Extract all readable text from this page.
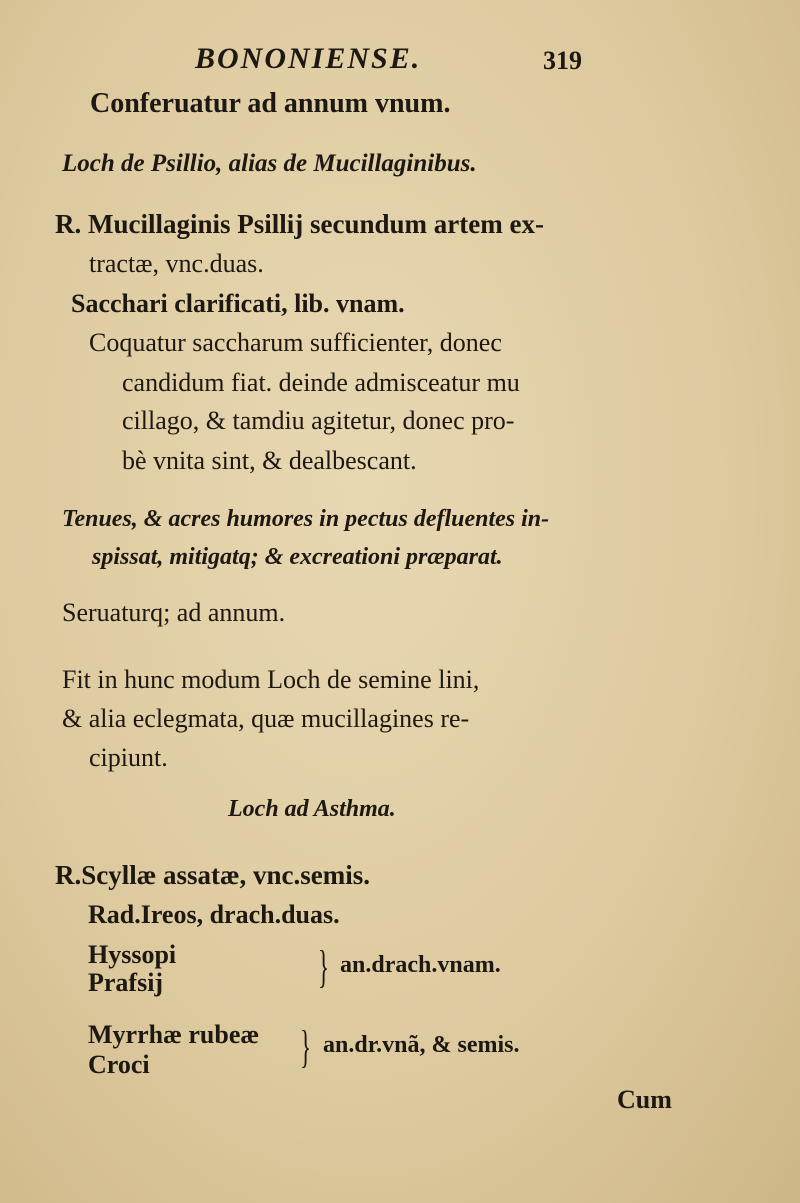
BONONIENSE.	319
Conferuatur ad annum vnum.
Loch de Psillio, alias de Mucillaginibus.
R. Mucillaginis Psillij secundum artem ex-
tractæ, vnc.duas.
Sacchari clarificati, lib. vnam.
Coquatur saccharum sufficienter, donec
candidum fiat. deinde admisceatur mu
cillago, & tamdiu agitetur, donec pro-
bè vnita sint, & dealbescant.
Tenues, & acres humores in pectus defluentes in-
spissat, mitigatq; & excreationi præparat.
Seruaturq; ad annum.
Fit in hunc modum Loch de semine lini,
& alia eclegmata, quæ mucillagines re-
cipiunt.
Loch ad Asthma.
R.Scyllæ assatæ, vnc.semis.
Rad.Ireos, drach.duas.
Hyssopi
Prafsij	} an.drach.vnam.
Myrrhæ rubeæ
Croci	} an.dr.vnã, & semis.
Cum
